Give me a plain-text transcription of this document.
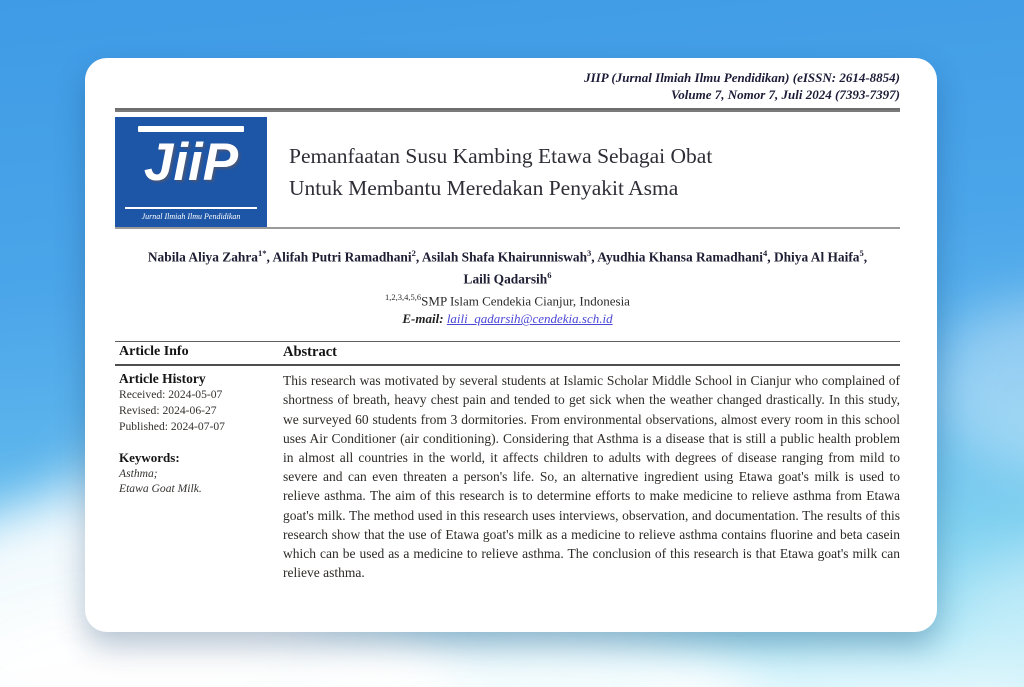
JIIP (Jurnal Ilmiah Ilmu Pendidikan) (eISSN: 2614-8854)
Volume 7, Nomor 7, Juli 2024 (7393-7397)
JiiP
Jurnal Ilmiah Ilmu Pendidikan
Pemanfaatan Susu Kambing Etawa Sebagai Obat
Untuk Membantu Meredakan Penyakit Asma
Nabila Aliya Zahra$^{1*}$, Alifah Putri Ramadhani$^2$, Asilah Shafa Khairunniswah$^3$, Ayudhia Khansa Ramadhani$^4$, Dhiya Al Haifa$^5$, Laili Qadarsih$^6$
$^{1,2,3,4,5,6}$SMP Islam Cendekia Cianjur, Indonesia
E-mail: laili_qadarsih@cendekia.sch.id
Article Info	Abstract
Article History
Received: 2024-05-07
Revised: 2024-06-27
Published: 2024-07-07
Keywords:
Asthma;
Etawa Goat Milk.
This research was motivated by several students at Islamic Scholar Middle School in Cianjur who complained of shortness of breath, heavy chest pain and tended to get sick when the weather changed drastically. In this study, we surveyed 60 students from 3 dormitories. From environmental observations, almost every room in this school uses Air Conditioner (air conditioning). Considering that Asthma is a disease that is still a public health problem in almost all countries in the world, it affects children to adults with degrees of disease ranging from mild to severe and can even threaten a person's life. So, an alternative ingredient using Etawa goat's milk is used to relieve asthma. The aim of this research is to determine efforts to make medicine to relieve asthma from Etawa goat's milk. The method used in this research uses interviews, observation, and documentation. The results of this research show that the use of Etawa goat's milk as a medicine to relieve asthma contains fluorine and beta casein which can be used as a medicine to relieve asthma. The conclusion of this research is that Etawa goat's milk can relieve asthma.
